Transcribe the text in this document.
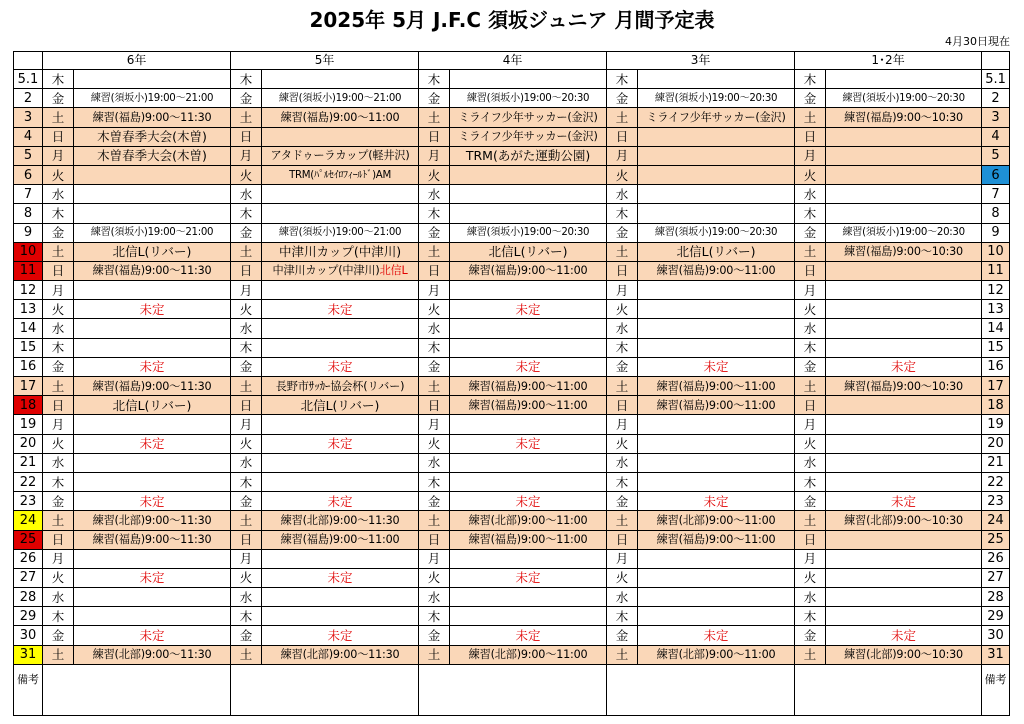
2025年 5月 J.F.C 須坂ジュニア 月間予定表
4月30日現在
	6年		5年		4年		3年		1･2年		
5.1	木		木		木		木		木		5.1
2	金	練習(須坂小)19:00～21:00	金	練習(須坂小)19:00～21:00	金	練習(須坂小)19:00～20:30	金	練習(須坂小)19:00～20:30	金	練習(須坂小)19:00～20:30	2
3	土	練習(福島)9:00～11:30	土	練習(福島)9:00～11:00	土	ミライフ少年サッカー(金沢)	土	ミライフ少年サッカー(金沢)	土	練習(福島)9:00～10:30	3
4	日	木曽春季大会(木曽)	日		日	ミライフ少年サッカー(金沢)	日		日		4
5	月	木曽春季大会(木曽)	月	アタドゥーラカップ(軽井沢)	月	TRM(あがた運動公園)	月		月		5
6	火		火	TRM(ﾊﾟﾙｾｲﾛﾌｨｰﾙﾄﾞ)AM	火		火		火		6
7	水		水		水		水		水		7
8	木		木		木		木		木		8
9	金	練習(須坂小)19:00～21:00	金	練習(須坂小)19:00～21:00	金	練習(須坂小)19:00～20:30	金	練習(須坂小)19:00～20:30	金	練習(須坂小)19:00～20:30	9
10	土	北信L(リバー)	土	中津川カップ(中津川)	土	北信L(リバー)	土	北信L(リバー)	土	練習(福島)9:00～10:30	10
11	日	練習(福島)9:00～11:30	日	中津川カップ(中津川)北信L	日	練習(福島)9:00～11:00	日	練習(福島)9:00～11:00	日		11
12	月		月		月		月		月		12
13	火	未定	火	未定	火	未定	火		火		13
14	水		水		水		水		水		14
15	木		木		木		木		木		15
16	金	未定	金	未定	金	未定	金	未定	金	未定	16
17	土	練習(福島)9:00～11:30	土	長野市ｻｯｶｰ協会杯(リバー)	土	練習(福島)9:00～11:00	土	練習(福島)9:00～11:00	土	練習(福島)9:00～10:30	17
18	日	北信L(リバー)	日	北信L(リバー)	日	練習(福島)9:00～11:00	日	練習(福島)9:00～11:00	日		18
19	月		月		月		月		月		19
20	火	未定	火	未定	火	未定	火		火		20
21	水		水		水		水		水		21
22	木		木		木		木		木		22
23	金	未定	金	未定	金	未定	金	未定	金	未定	23
24	土	練習(北部)9:00～11:30	土	練習(北部)9:00～11:30	土	練習(北部)9:00～11:00	土	練習(北部)9:00～11:00	土	練習(北部)9:00～10:30	24
25	日	練習(福島)9:00～11:30	日	練習(福島)9:00～11:00	日	練習(福島)9:00～11:00	日	練習(福島)9:00～11:00	日		25
26	月		月		月		月		月		26
27	火	未定	火	未定	火	未定	火		火		27
28	水		水		水		水		水		28
29	木		木		木		木		木		29
30	金	未定	金	未定	金	未定	金	未定	金	未定	30
31	土	練習(北部)9:00～11:30	土	練習(北部)9:00～11:30	土	練習(北部)9:00～11:00	土	練習(北部)9:00～11:00	土	練習(北部)9:00～10:30	31
備考											備考
